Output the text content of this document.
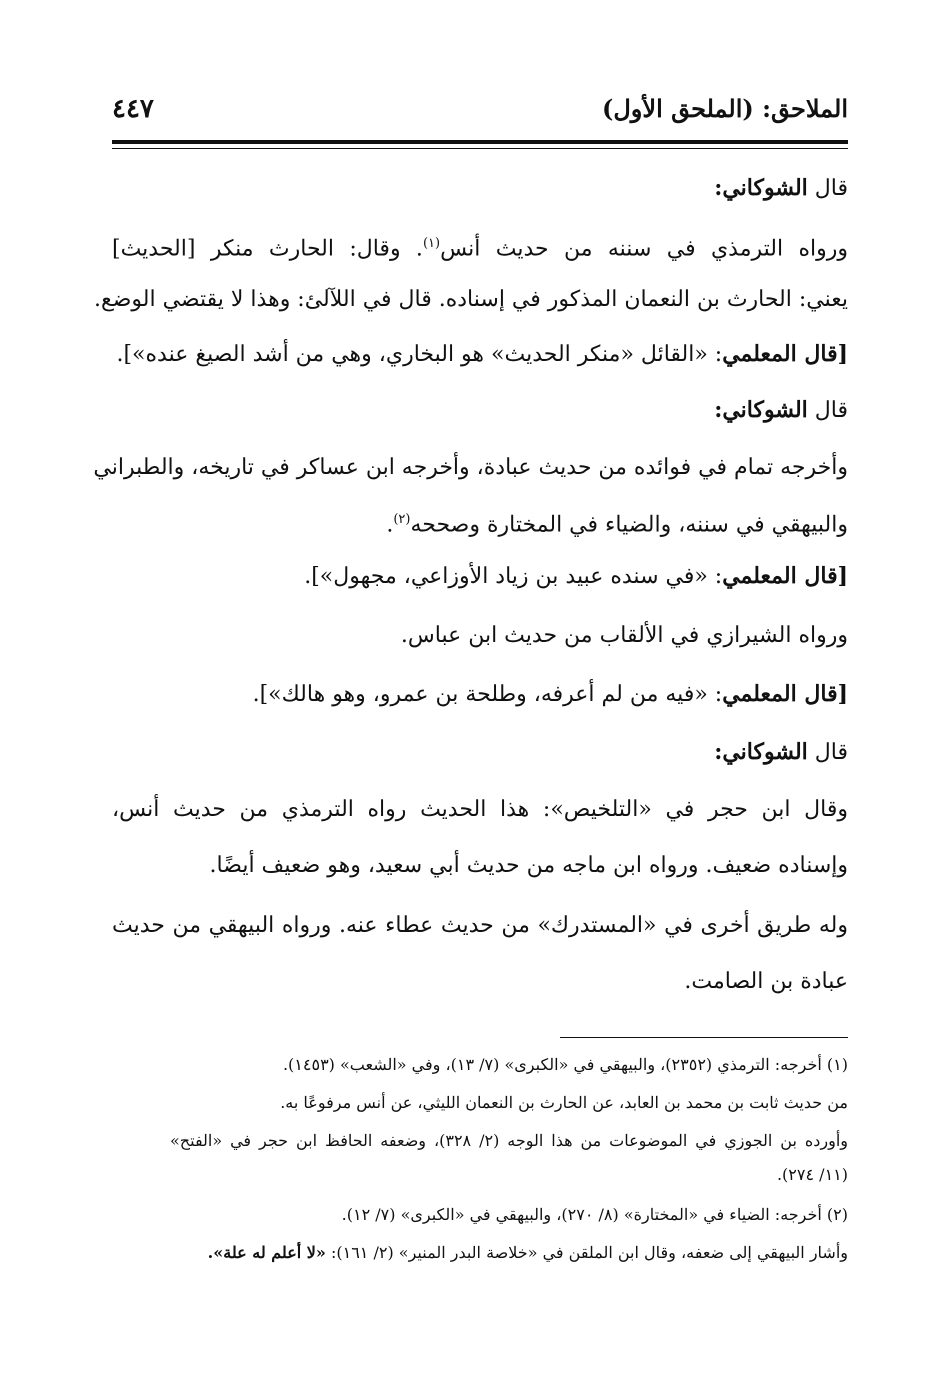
الملاحق: (الملحق الأول)
٤٤٧
قال الشوكاني:
ورواه الترمذي في سننه من حديث أنس$^{(١)}$. وقال: الحارث منكر [الحديث]
يعني: الحارث بن النعمان المذكور في إسناده. قال في اللآلئ: وهذا لا يقتضي الوضع.
[قال المعلمي: «القائل «منكر الحديث» هو البخاري، وهي من أشد الصيغ عنده»].
قال الشوكاني:
وأخرجه تمام في فوائده من حديث عبادة، وأخرجه ابن عساكر في تاريخه، والطبراني
والبيهقي في سننه، والضياء في المختارة وصححه$^{(٢)}$.
[قال المعلمي: «في سنده عبيد بن زياد الأوزاعي، مجهول»].
ورواه الشيرازي في الألقاب من حديث ابن عباس.
[قال المعلمي: «فيه من لم أعرفه، وطلحة بن عمرو، وهو هالك»].
قال الشوكاني:
وقال ابن حجر في «التلخيص»: هذا الحديث رواه الترمذي من حديث أنس،
وإسناده ضعيف. ورواه ابن ماجه من حديث أبي سعيد، وهو ضعيف أيضًا.
وله طريق أخرى في «المستدرك» من حديث عطاء عنه. ورواه البيهقي من حديث
عبادة بن الصامت.
(١) أخرجه: الترمذي (٢٣٥٢)، والبيهقي في «الكبرى» (٧/ ١٣)، وفي «الشعب» (١٤٥٣).
من حديث ثابت بن محمد بن العابد، عن الحارث بن النعمان الليثي، عن أنس مرفوعًا به.
وأورده بن الجوزي في الموضوعات من هذا الوجه (٢/ ٣٢٨)، وضعفه الحافظ ابن حجر في «الفتح»
(١١/ ٢٧٤).
(٢) أخرجه: الضياء في «المختارة» (٨/ ٢٧٠)، والبيهقي في «الكبرى» (٧/ ١٢).
وأشار البيهقي إلى ضعفه، وقال ابن الملقن في «خلاصة البدر المنير» (٢/ ١٦١): «لا أعلم له علة».
